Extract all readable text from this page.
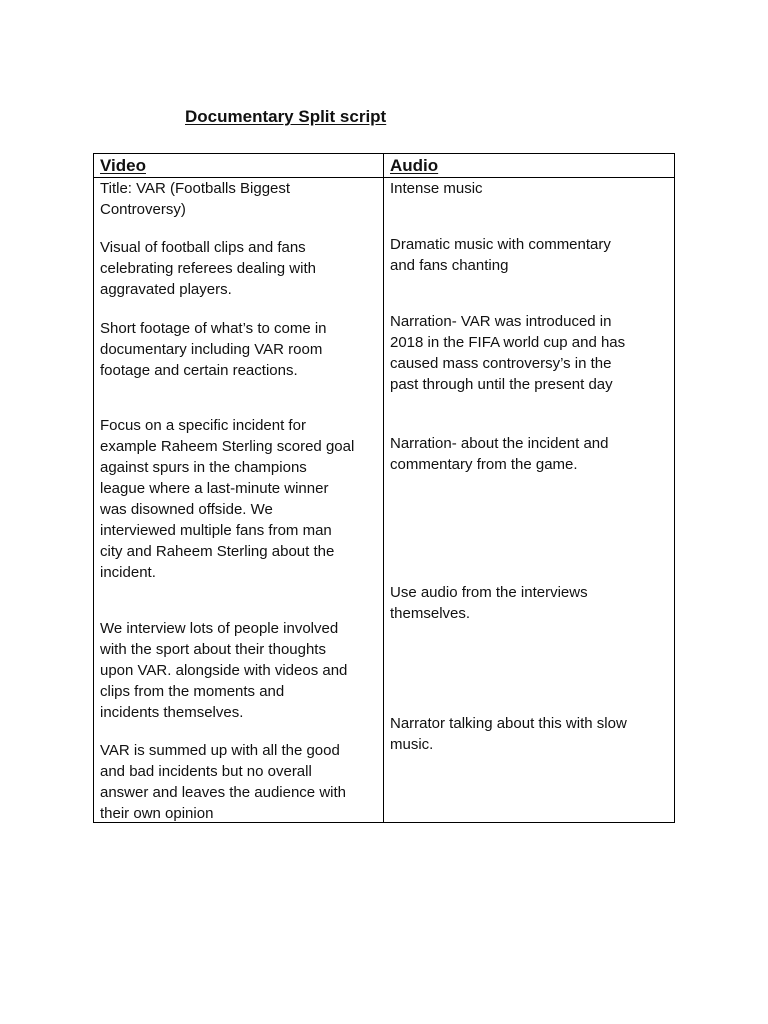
Documentary Split script
Video	Audio
Title: VAR (Footballs Biggest
Controversy)
Visual of football clips and fans
celebrating referees dealing with
aggravated players.
Short footage of what’s to come in
documentary including VAR room
footage and certain reactions.
Focus on a specific incident for
example Raheem Sterling scored goal
against spurs in the champions
league where a last-minute winner
was disowned offside. We
interviewed multiple fans from man
city and Raheem Sterling about the
incident.
We interview lots of people involved
with the sport about their thoughts
upon VAR. alongside with videos and
clips from the moments and
incidents themselves.
VAR is summed up with all the good
and bad incidents but no overall
answer and leaves the audience with
their own opinion
Intense music
Dramatic music with commentary
and fans chanting
Narration- VAR was introduced in
2018 in the FIFA world cup and has
caused mass controversy’s in the
past through until the present day
Narration- about the incident and
commentary from the game.
Use audio from the interviews
themselves.
Narrator talking about this with slow
music.
